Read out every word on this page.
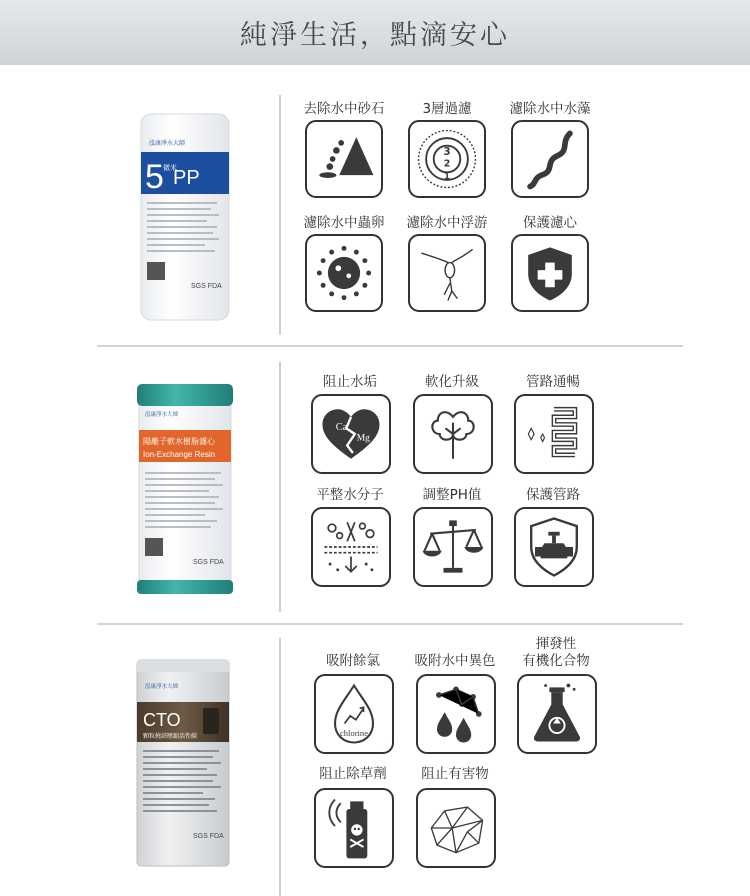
純淨生活，點滴安心
5 PP
微米
泓康淨水大師
SGS FDA
去除水中砂石	3層過濾	濾除水中水藻
3
2
1
濾除水中蟲卵	濾除水中浮游	保護濾心
泓康淨水大師
陽離子軟水樹脂濾心
Ion-Exchange Resin
SGS FDA
阻止水垢	軟化升級	管路通暢
Ca
Mg
平整水分子	調整PH值	保護管路
泓康淨水大師
CTO
顆粒燒結壓縮活性碳
SGS FDA
吸附餘氯	吸附水中異色
揮發性
有機化合物
chlorine
阻止除草劑	阻止有害物
